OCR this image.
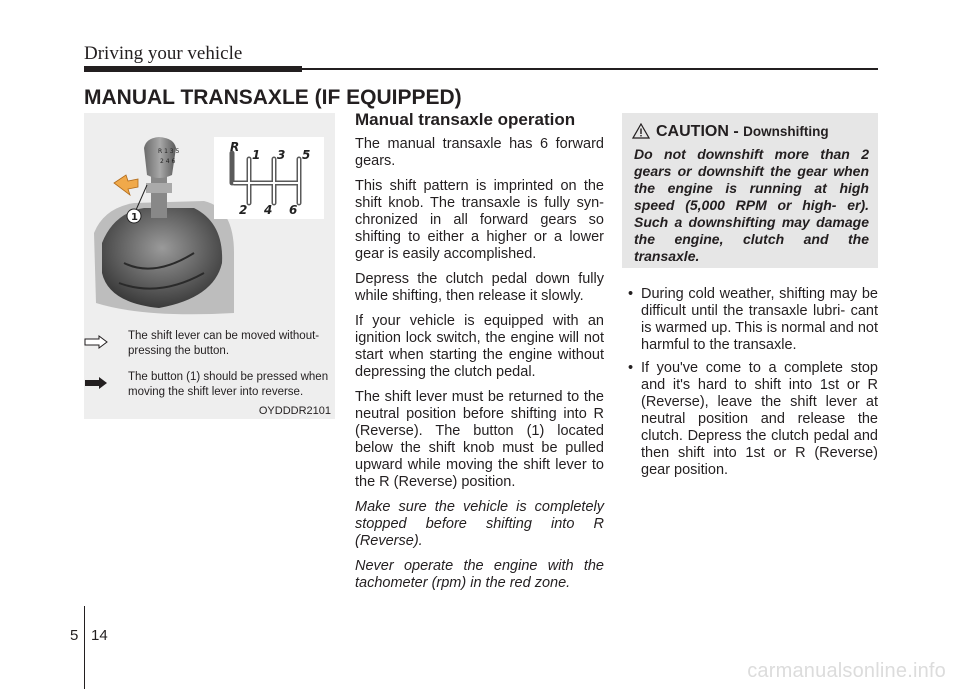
Driving your vehicle
MANUAL TRANSAXLE (IF EQUIPPED)
R 1 3 5
2 4 6
1
R
1 3 5
2 4 6
The shift lever can be moved without- pressing the button.
The button (1) should be pressed when moving the shift lever into reverse.
OYDDDR2101
Manual transaxle operation

The manual transaxle has 6 forward gears.

This shift pattern is imprinted on the shift knob. The transaxle is fully syn- chronized in all forward gears so shifting to either a higher or a lower gear is easily accomplished.

Depress the clutch pedal down fully while shifting, then release it slowly.

If your vehicle is equipped with an ignition lock switch, the engine will not start when starting the engine without depressing the clutch pedal.

The shift lever must be returned to the neutral position before shifting into R (Reverse). The button (1) located below the shift knob must be pulled upward while moving the shift lever to the R (Reverse) position.

Make sure the vehicle is completely stopped before shifting into R (Reverse).

Never operate the engine with the tachometer (rpm) in the red zone.

CAUTION - Downshifting
Do not downshift more than 2 gears or downshift the gear when the engine is running at high speed (5,000 RPM or high- er). Such a downshifting may damage the engine, clutch and the transaxle.
• During cold weather, shifting may be difficult until the transaxle lubri- cant is warmed up. This is normal and not harmful to the transaxle.
• If you've come to a complete stop and it's hard to shift into 1st or R (Reverse), leave the shift lever at neutral position and release the clutch. Depress the clutch pedal and then shift into 1st or R (Reverse) gear position.
5 14
carmanualsonline.info
